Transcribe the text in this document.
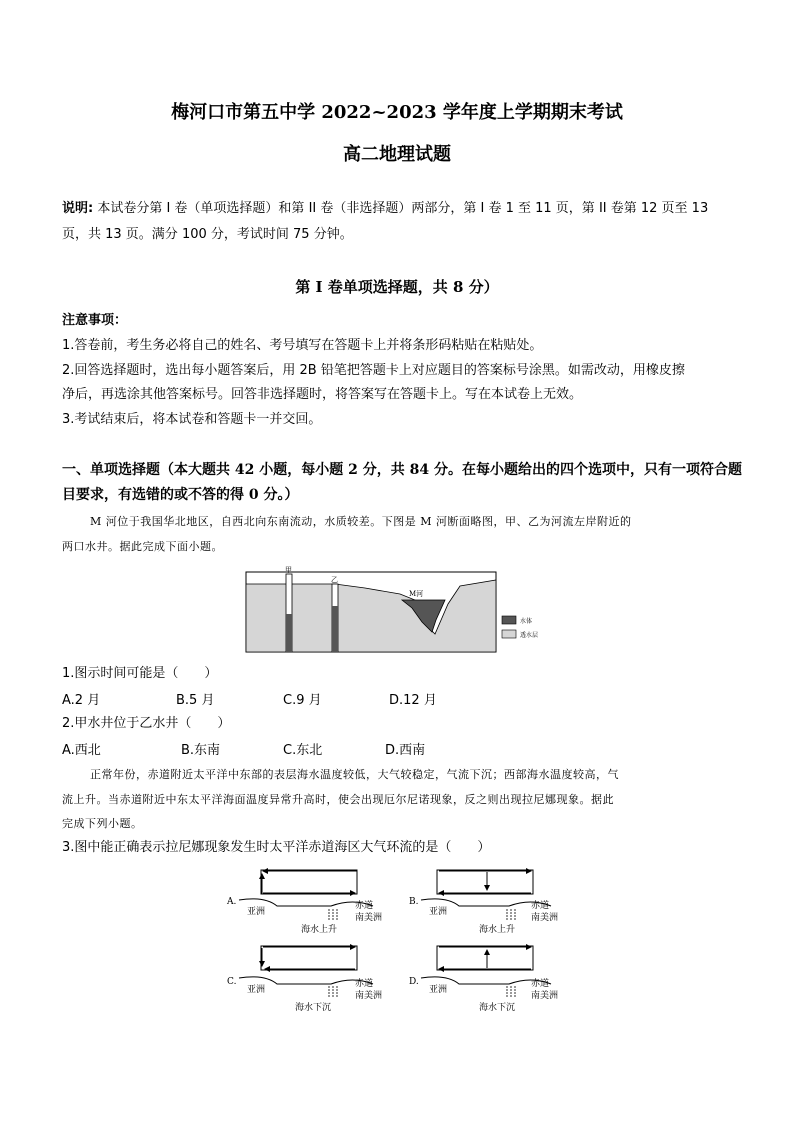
梅河口市第五中学 2022~2023 学年度上学期期末考试
高二地理试题
说明: 本试卷分第 I 卷（单项选择题）和第 II 卷（非选择题）两部分，第 I 卷 1 至 11 页，第 II 卷第 12 页至 13
页，共 13 页。满分 100 分，考试时间 75 分钟。
第 I 卷单项选择题，共 8 分）
注意事项：
1.答卷前，考生务必将自己的姓名、考号填写在答题卡上并将条形码粘贴在粘贴处。
2.回答选择题时，选出每小题答案后，用 2B 铅笔把答题卡上对应题目的答案标号涂黑。如需改动，用橡皮擦
净后，再选涂其他答案标号。回答非选择题时，将答案写在答题卡上。写在本试卷上无效。
3.考试结束后，将本试卷和答题卡一并交回。
一、单项选择题（本大题共 42 小题，每小题 2 分，共 84 分。在每小题给出的四个选项中，只有一项符合题
目要求，有选错的或不答的得 0 分。）
M 河位于我国华北地区，自西北向东南流动，水质较差。下图是 M 河断面略图，甲、乙为河流左岸附近的
两口水井。据此完成下面小题。
甲
乙
M河
水体
透水层
1.图示时间可能是（　　）
A.2 月	B.5 月	C.9 月	D.12 月
2.甲水井位于乙水井（　　）
A.西北	B.东南	C.东北	D.西南
正常年份，赤道附近太平洋中东部的表层海水温度较低，大气较稳定，气流下沉；西部海水温度较高，气
流上升。当赤道附近中东太平洋海面温度异常升高时，使会出现厄尔尼诺现象，反之则出现拉尼娜现象。据此
完成下列小题。
3.图中能正确表示拉尼娜现象发生时太平洋赤道海区大气环流的是（　　）
A.
亚洲
赤道
南美洲
海水上升
B.
亚洲
赤道
南美洲
海水上升
C.
亚洲
赤道
南美洲
海水下沉
D.
亚洲
赤道
南美洲
海水下沉
